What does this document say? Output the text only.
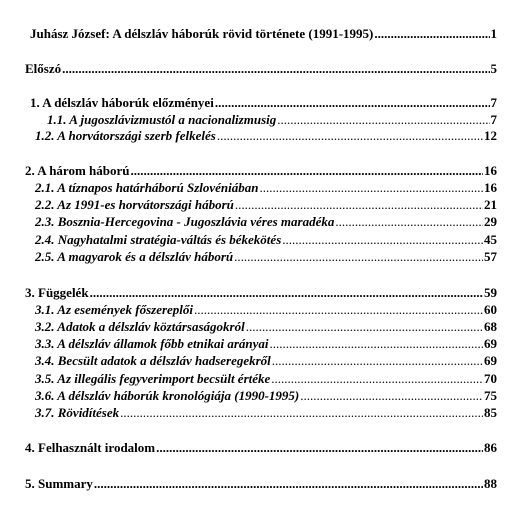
Juhász József: A délszláv háborúk rövid története (1991-1995) .....	1
Előszó .....	5
1. A délszláv háborúk előzményei .....	7
1.1. A jugoszlávizmustól a nacionalizmusig .....	7
1.2. A horvátországi szerb felkelés .....	12
2. A három háború .....	16
2.1. A tíznapos határháború Szlovéniában .....	16
2.2. Az 1991-es horvátországi háború .....	21
2.3. Bosznia-Hercegovina - Jugoszlávia véres maradéka .....	29
2.4. Nagyhatalmi stratégia-váltás és békekötés .....	45
2.5. A magyarok és a délszláv háború .....	57
3. Függelék .....	59
3.1. Az események főszereplői .....	60
3.2. Adatok a délszláv köztársaságokról .....	68
3.3. A délszláv államok főbb etnikai arányai .....	69
3.4. Becsült adatok a délszláv hadseregekről .....	69
3.5. Az illegális fegyverimport becsült értéke .....	70
3.6. A délszláv háborúk kronológiája (1990-1995) .....	75
3.7. Rövidítések .....	85
4. Felhasznált irodalom .....	86
5. Summary .....	88
